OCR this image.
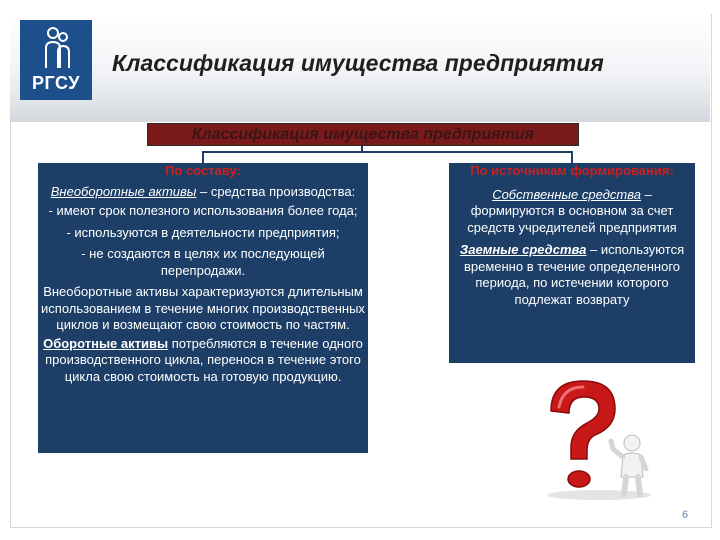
РГСУ
Классификация имущества предприятия
Классификация имущества предприятия

По составу:

Внеоборотные активы – средства производства:

- имеют срок полезного использования более года;

- используются в деятельности предприятия;

- не создаются в целях их последующей перепродажи.

Внеоборотные активы характеризуются длительным использованием в течение многих производственных циклов и возмещают свою стоимость по частям.

Оборотные активы потребляются в течение одного производственного цикла, перенося в течение этого цикла свою стоимость на готовую продукцию.

По источникам формирования:

Собственные средства – формируются в основном за счет средств учредителей предприятия

Заемные средства – используются временно в течение определенного периода, по истечении которого подлежат возврату

6
